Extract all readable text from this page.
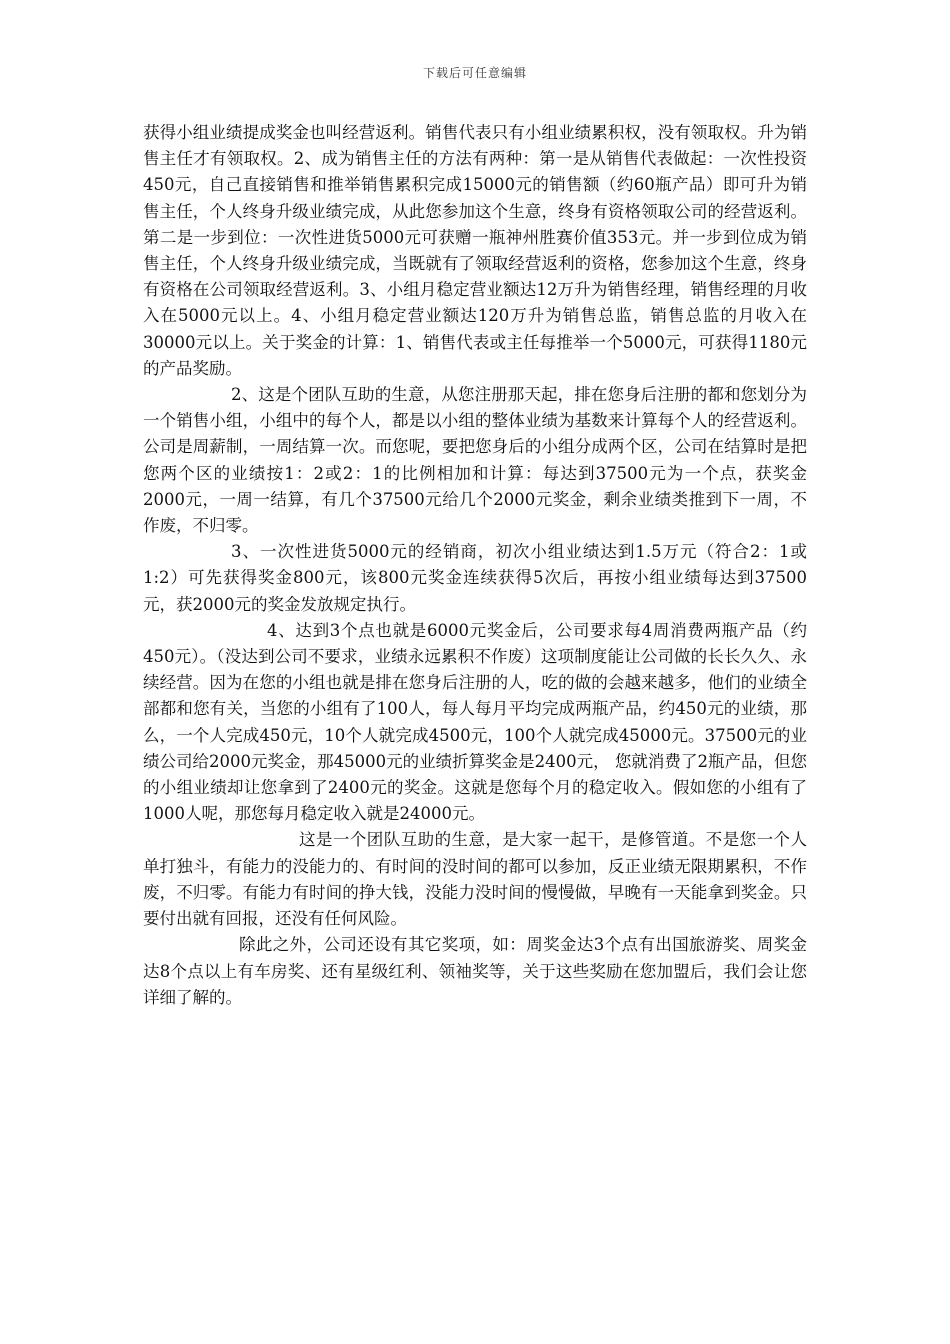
下载后可任意编辑

获得小组业绩提成奖金也叫经营返利。销售代表只有小组业绩累积权，没有领取权。升为销售主任才有领取权。2、成为销售主任的方法有两种：第一是从销售代表做起：一次性投资450元，自己直接销售和推举销售累积完成15000元的销售额（约60瓶产品）即可升为销售主任，个人终身升级业绩完成，从此您参加这个生意，终身有资格领取公司的经营返利。第二是一步到位：一次性进货5000元可获赠一瓶神州胜赛价值353元。并一步到位成为销售主任，个人终身升级业绩完成，当既就有了领取经营返利的资格，您参加这个生意，终身有资格在公司领取经营返利。3、小组月稳定营业额达12万升为销售经理，销售经理的月收入在5000元以上。4、小组月稳定营业额达120万升为销售总监，销售总监的月收入在30000元以上。关于奖金的计算：1、销售代表或主任每推举一个5000元，可获得1180元的产品奖励。

2、这是个团队互助的生意，从您注册那天起，排在您身后注册的都和您划分为一个销售小组，小组中的每个人，都是以小组的整体业绩为基数来计算每个人的经营返利。公司是周薪制，一周结算一次。而您呢，要把您身后的小组分成两个区，公司在结算时是把您两个区的业绩按1：2或2：1的比例相加和计算：每达到37500元为一个点，获奖金2000元，一周一结算，有几个37500元给几个2000元奖金，剩余业绩类推到下一周，不作废，不归零。

3、一次性进货5000元的经销商，初次小组业绩达到1.5万元（符合2：1或1:2）可先获得奖金800元，该800元奖金连续获得5次后，再按小组业绩每达到37500元，获2000元的奖金发放规定执行。

4、达到3个点也就是6000元奖金后，公司要求每4周消费两瓶产品（约450元）。（没达到公司不要求，业绩永远累积不作废）这项制度能让公司做的长长久久、永续经营。因为在您的小组也就是排在您身后注册的人，吃的做的会越来越多，他们的业绩全部都和您有关，当您的小组有了100人，每人每月平均完成两瓶产品，约450元的业绩，那么，一个人完成450元，10个人就完成4500元，100个人就完成45000元。37500元的业绩公司给2000元奖金，那45000元的业绩折算奖金是2400元， 您就消费了2瓶产品，但您的小组业绩却让您拿到了2400元的奖金。这就是您每个月的稳定收入。假如您的小组有了 1000人呢，那您每月稳定收入就是24000元。

这是一个团队互助的生意，是大家一起干，是修管道。不是您一个人单打独斗，有能力的没能力的、有时间的没时间的都可以参加，反正业绩无限期累积，不作废，不归零。有能力有时间的挣大钱，没能力没时间的慢慢做，早晚有一天能拿到奖金。只要付出就有回报，还没有任何风险。

除此之外，公司还设有其它奖项，如：周奖金达3个点有出国旅游奖、周奖金达8个点以上有车房奖、还有星级红利、领袖奖等，关于这些奖励在您加盟后，我们会让您详细了解的。
